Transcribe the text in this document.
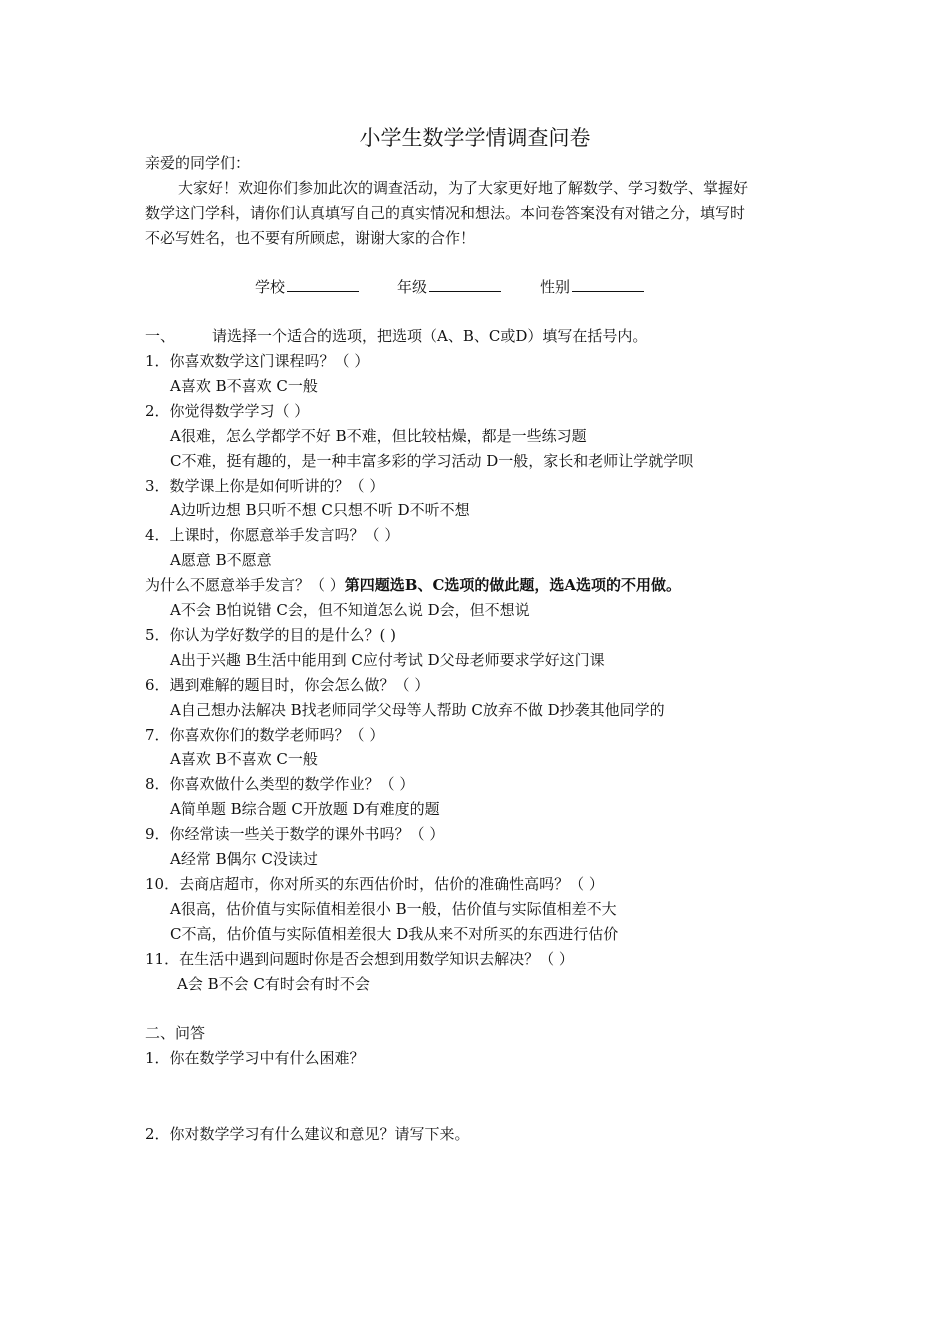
小学生数学学情调查问卷
亲爱的同学们：
大家好！欢迎你们参加此次的调查活动，为了大家更好地了解数学、学习数学、掌握好
数学这门学科，请你们认真填写自己的真实情况和想法。本问卷答案没有对错之分，填写时
不必写姓名，也不要有所顾虑，谢谢大家的合作！
学校	年级	性别
一、 请选择一个适合的选项，把选项（A、B、C或D）填写在括号内。
1．你喜欢数学这门课程吗？（ ）
A喜欢 B不喜欢 C一般
2．你觉得数学学习（ ）
A很难，怎么学都学不好 B不难，但比较枯燥，都是一些练习题
C不难，挺有趣的，是一种丰富多彩的学习活动 D一般，家长和老师让学就学呗
3．数学课上你是如何听讲的？（ ）
A边听边想 B只听不想 C只想不听 D不听不想
4．上课时，你愿意举手发言吗？（ ）
A愿意 B不愿意
为什么不愿意举手发言？（ ）第四题选B、C选项的做此题，选A选项的不用做。
A不会 B怕说错 C会，但不知道怎么说 D会，但不想说
5．你认为学好数学的目的是什么？( )
A出于兴趣 B生活中能用到 C应付考试 D父母老师要求学好这门课
6．遇到难解的题目时，你会怎么做？（ ）
A自己想办法解决 B找老师同学父母等人帮助 C放弃不做 D抄袭其他同学的
7．你喜欢你们的数学老师吗？（ ）
A喜欢 B不喜欢 C一般
8．你喜欢做什么类型的数学作业？（ ）
A简单题 B综合题 C开放题 D有难度的题
9．你经常读一些关于数学的课外书吗？（ ）
A经常 B偶尔 C没读过
10．去商店超市，你对所买的东西估价时，估价的准确性高吗？（ ）
A很高，估价值与实际值相差很小 B一般，估价值与实际值相差不大
C不高，估价值与实际值相差很大 D我从来不对所买的东西进行估价
11．在生活中遇到问题时你是否会想到用数学知识去解决？（ ）
A会 B不会 C有时会有时不会
二、问答
1．你在数学学习中有什么困难？
2．你对数学学习有什么建议和意见？请写下来。
